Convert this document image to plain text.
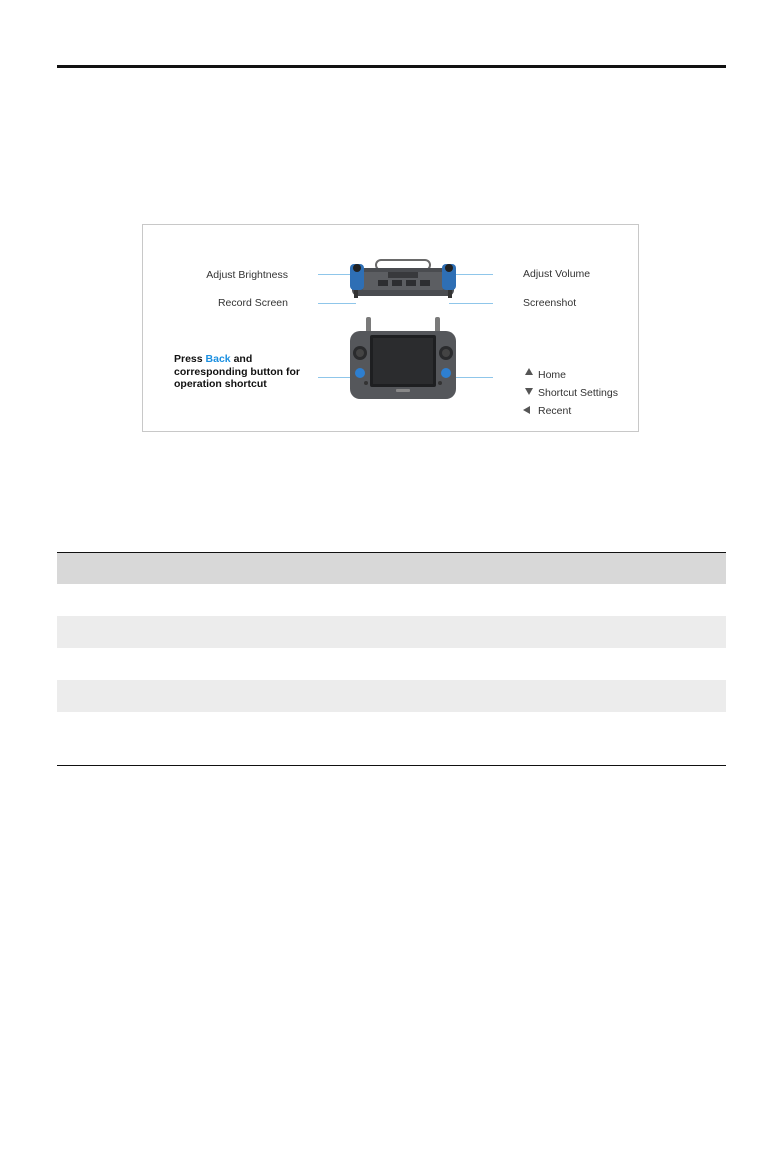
Adjust Brightness
Record Screen
Press Back and
corresponding button for
operation shortcut
Adjust Volume
Screenshot
Home
Shortcut Settings
Recent
